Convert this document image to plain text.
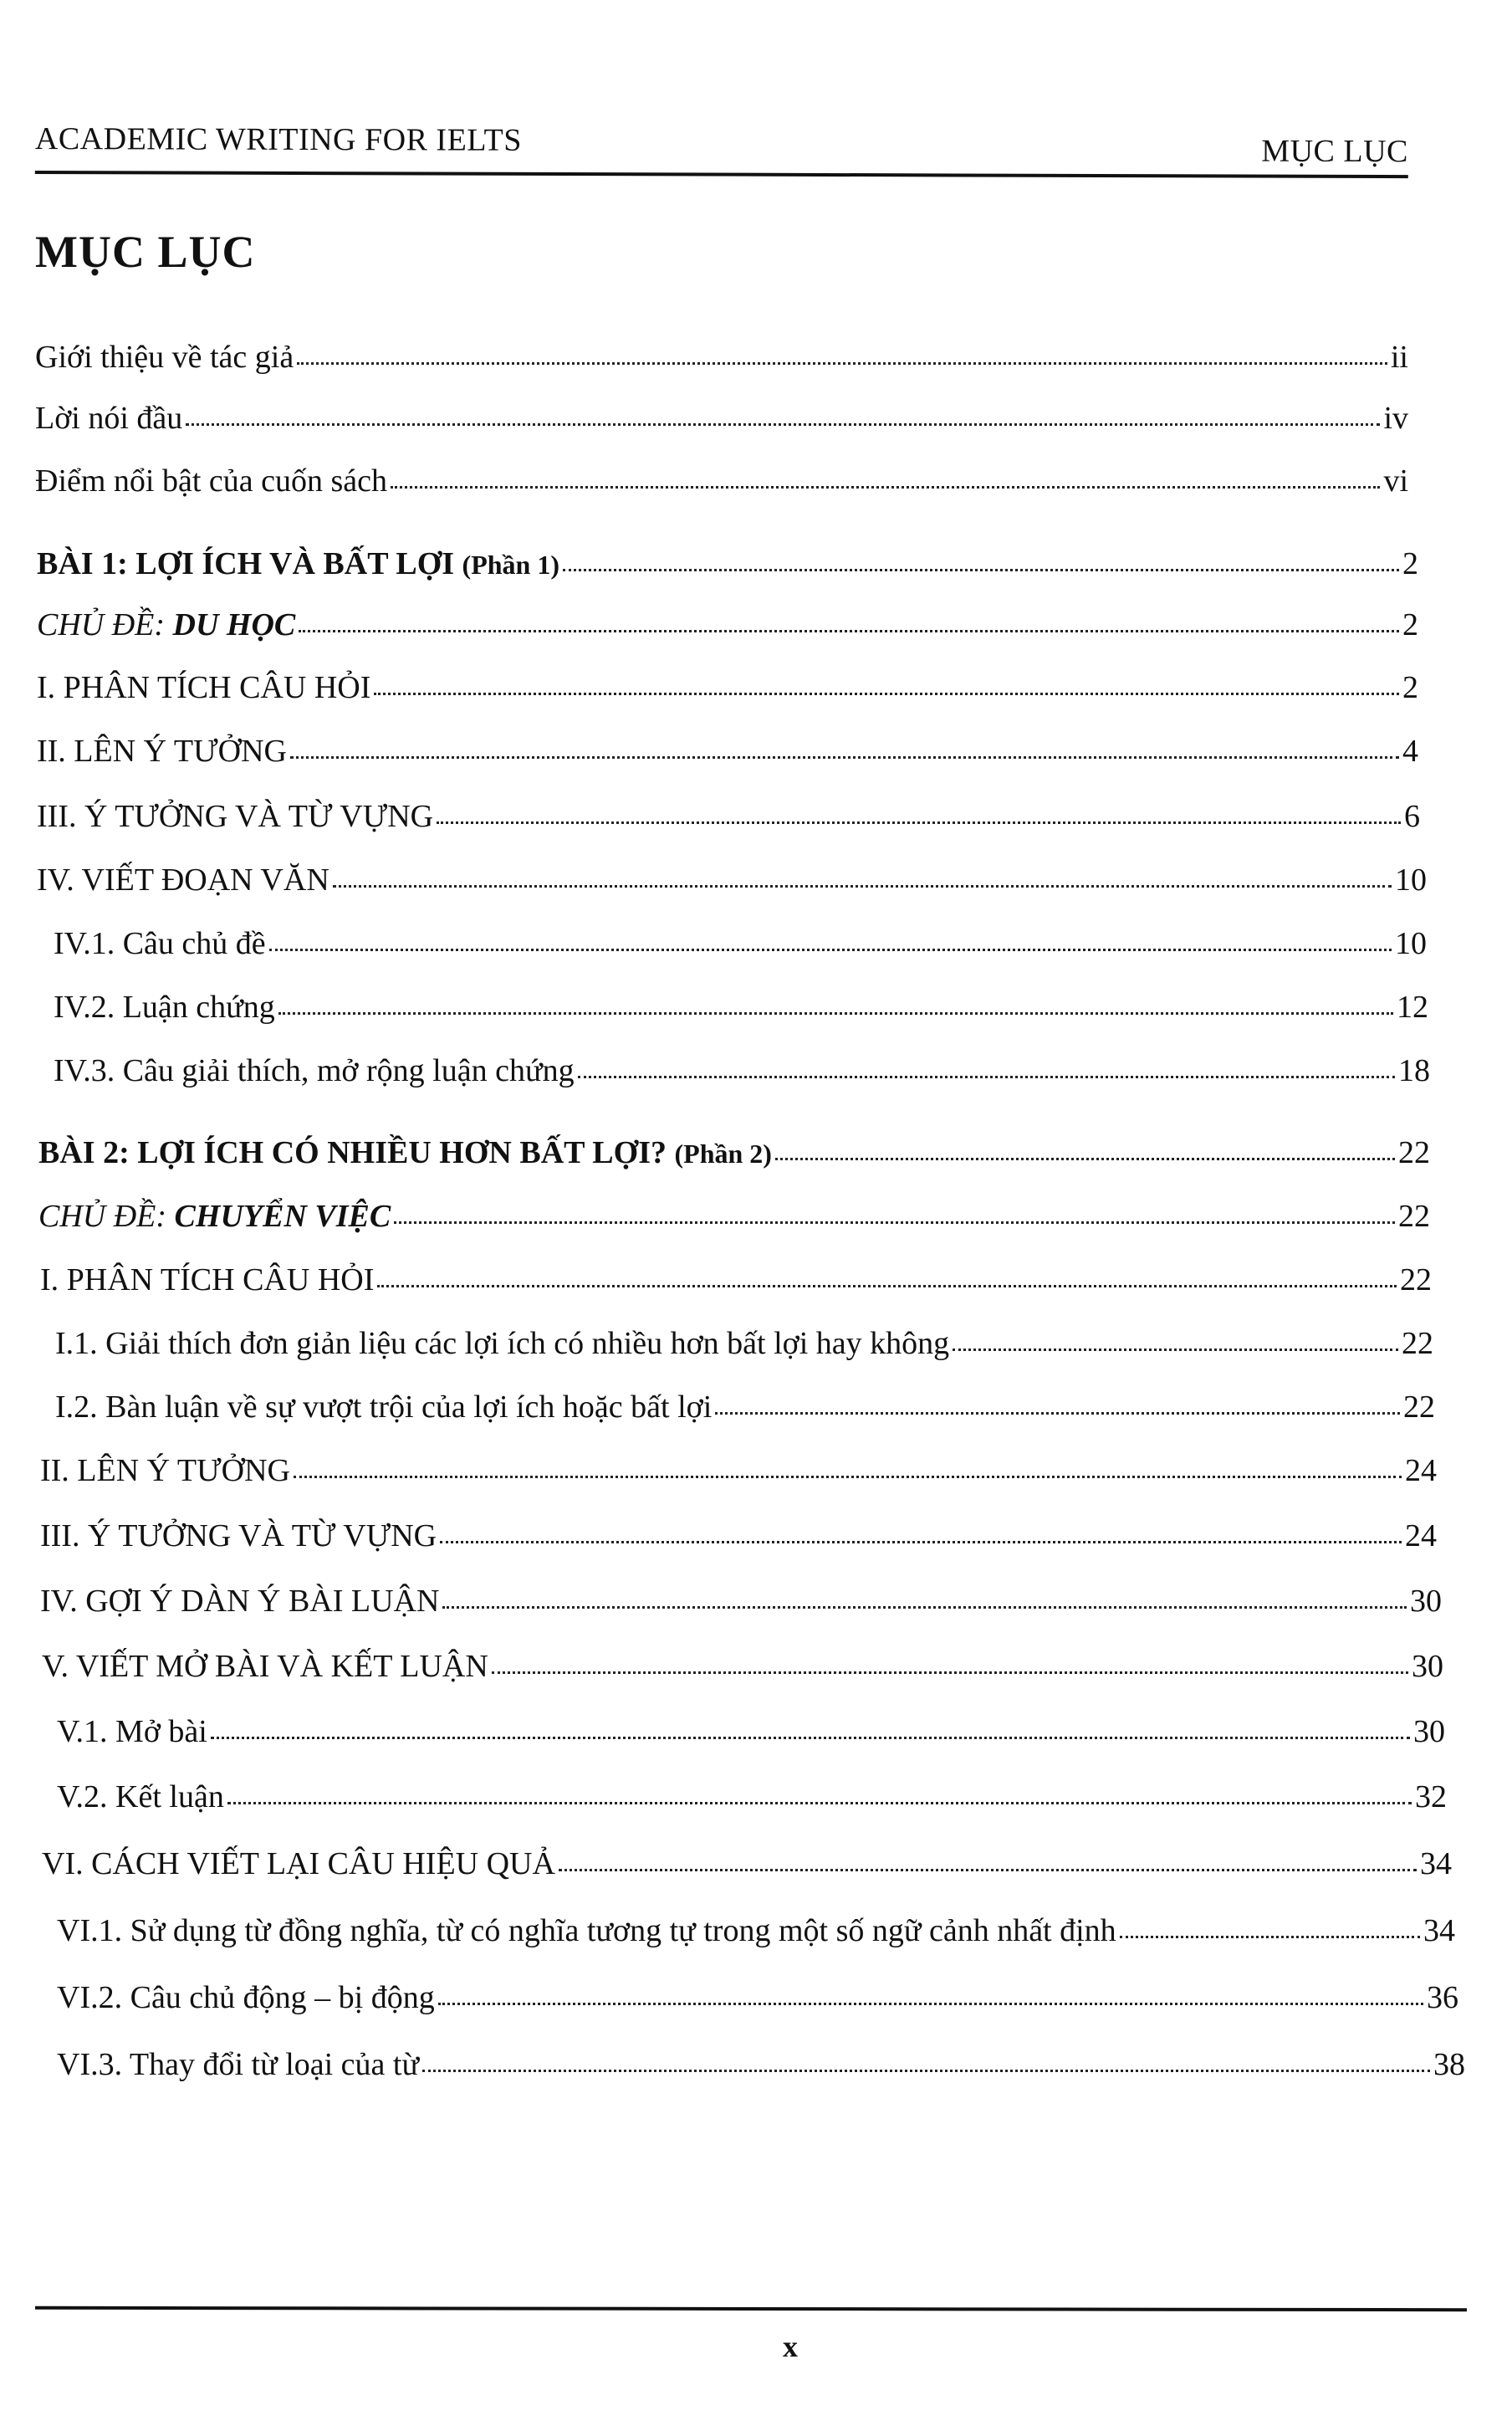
ACADEMIC WRITING FOR IELTS	MỤC LỤC
MỤC LỤC
Giới thiệu về tác giả	ii
Lời nói đầu	iv
Điểm nổi bật của cuốn sách	vi
BÀI 1: LỢI ÍCH VÀ BẤT LỢI (Phần 1)	2
CHỦ ĐỀ: DU HỌC	2
I. PHÂN TÍCH CÂU HỎI	2
II. LÊN Ý TƯỞNG	4
III. Ý TƯỞNG VÀ TỪ VỰNG	6
IV. VIẾT ĐOẠN VĂN	10
IV.1. Câu chủ đề	10
IV.2. Luận chứng	12
IV.3. Câu giải thích, mở rộng luận chứng	18
BÀI 2: LỢI ÍCH CÓ NHIỀU HƠN BẤT LỢI? (Phần 2)	22
CHỦ ĐỀ: CHUYỂN VIỆC	22
I. PHÂN TÍCH CÂU HỎI	22
I.1. Giải thích đơn giản liệu các lợi ích có nhiều hơn bất lợi hay không	22
I.2. Bàn luận về sự vượt trội của lợi ích hoặc bất lợi	22
II. LÊN Ý TƯỞNG	24
III. Ý TƯỞNG VÀ TỪ VỰNG	24
IV. GỢI Ý DÀN Ý BÀI LUẬN	30
V. VIẾT MỞ BÀI VÀ KẾT LUẬN	30
V.1. Mở bài	30
V.2. Kết luận	32
VI. CÁCH VIẾT LẠI CÂU HIỆU QUẢ	34
VI.1. Sử dụng từ đồng nghĩa, từ có nghĩa tương tự trong một số ngữ cảnh nhất định	34
VI.2. Câu chủ động – bị động	36
VI.3. Thay đổi từ loại của từ	38
x
